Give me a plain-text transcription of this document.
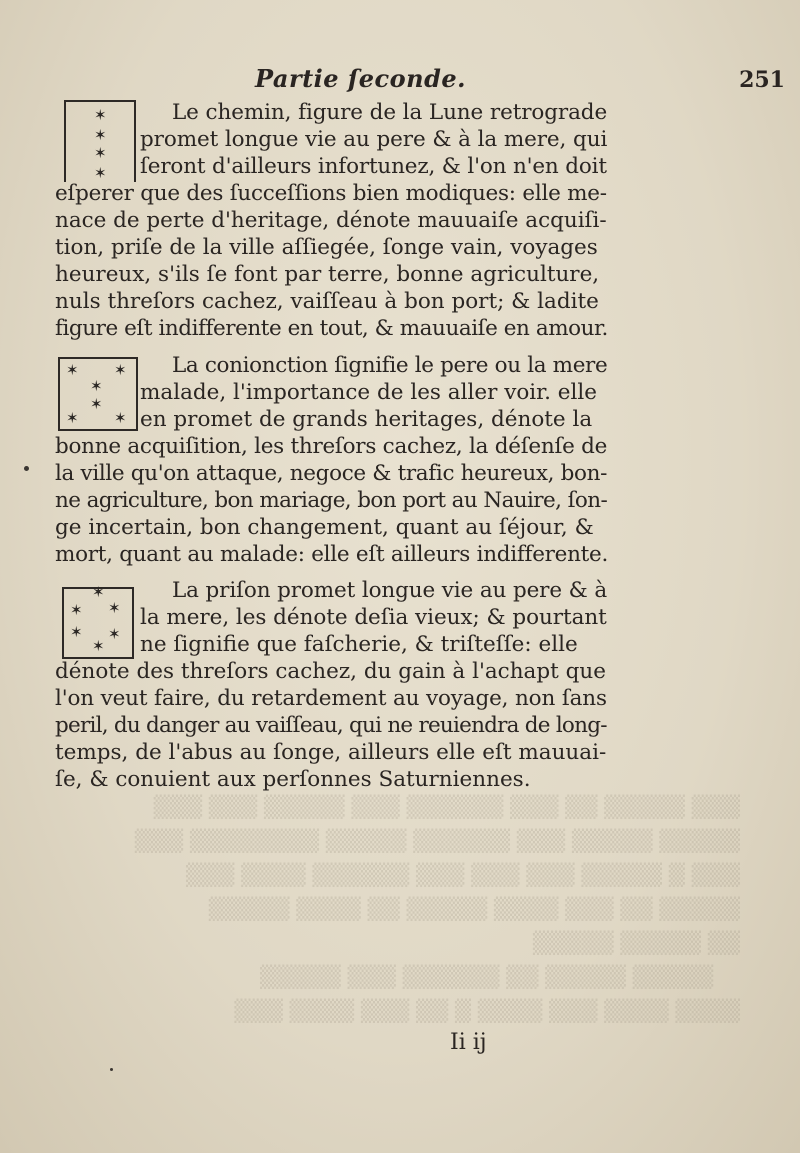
▒▒▒ ▒▒▒▒▒ ▒▒ ▒▒▒ ▒▒▒▒▒▒ ▒▒▒ ▒▒▒▒▒ ▒▒▒ ▒▒▒
▒▒▒▒▒ ▒▒▒▒▒ ▒▒▒ ▒▒▒▒▒▒ ▒▒▒▒▒ ▒▒▒▒▒▒▒▒ ▒▒▒
▒▒▒ ▒ ▒▒▒▒▒ ▒▒▒ ▒▒▒ ▒▒▒ ▒▒▒▒▒▒ ▒▒▒▒ ▒▒▒
▒▒▒▒▒ ▒▒ ▒▒▒ ▒▒▒▒ ▒▒▒▒▒ ▒▒ ▒▒▒▒ ▒▒▒▒▒
▒▒ ▒▒▒▒▒ ▒▒▒▒▒
▒▒▒▒▒ ▒▒▒▒▒ ▒▒ ▒▒▒▒▒▒ ▒▒▒ ▒▒▒▒▒
▒▒▒▒ ▒▒▒▒ ▒▒▒ ▒▒▒▒ ▒ ▒▒ ▒▒▒ ▒▒▒▒ ▒▒▒
Partie ſeconde.	251
✶
✶
✶
✶
✶ ✶
✶
✶
✶ ✶
✶
✶ ✶
✶ ✶
✶
Le chemin, figure de la Lune retrograde
promet longue vie au pere & à la mere, qui
ſeront d'ailleurs infortunez, & l'on n'en doit
eſperer que des ſucceſſions bien modiques: elle me-
nace de perte d'heritage, dénote mauuaiſe acquiſi-
tion, priſe de la ville aſſiegée, ſonge vain, voyages
heureux, s'ils ſe font par terre, bonne agriculture,
nuls threſors cachez, vaiſſeau à bon port; & ladite
figure eſt indifferente en tout, & mauuaiſe en amour.
La conionction ſignifie le pere ou la mere
malade, l'importance de les aller voir. elle
en promet de grands heritages, dénote la
bonne acquiſition, les threſors cachez, la déſenſe de
la ville qu'on attaque, negoce & trafic heureux, bon-
ne agriculture, bon mariage, bon port au Nauire, ſon-
ge incertain, bon changement, quant au ſéjour, &
mort, quant au malade: elle eſt ailleurs indifferente.
La priſon promet longue vie au pere & à
la mere, les dénote deſia vieux; & pourtant
ne ſignifie que faſcherie, & triſteſſe: elle
dénote des threſors cachez, du gain à l'achapt que
l'on veut faire, du retardement au voyage, non ſans
peril, du danger au vaiſſeau, qui ne reuiendra de long-
temps, de l'abus au ſonge, ailleurs elle eſt mauuai-
ſe, & conuient aux perſonnes Saturniennes.
Ii ij
